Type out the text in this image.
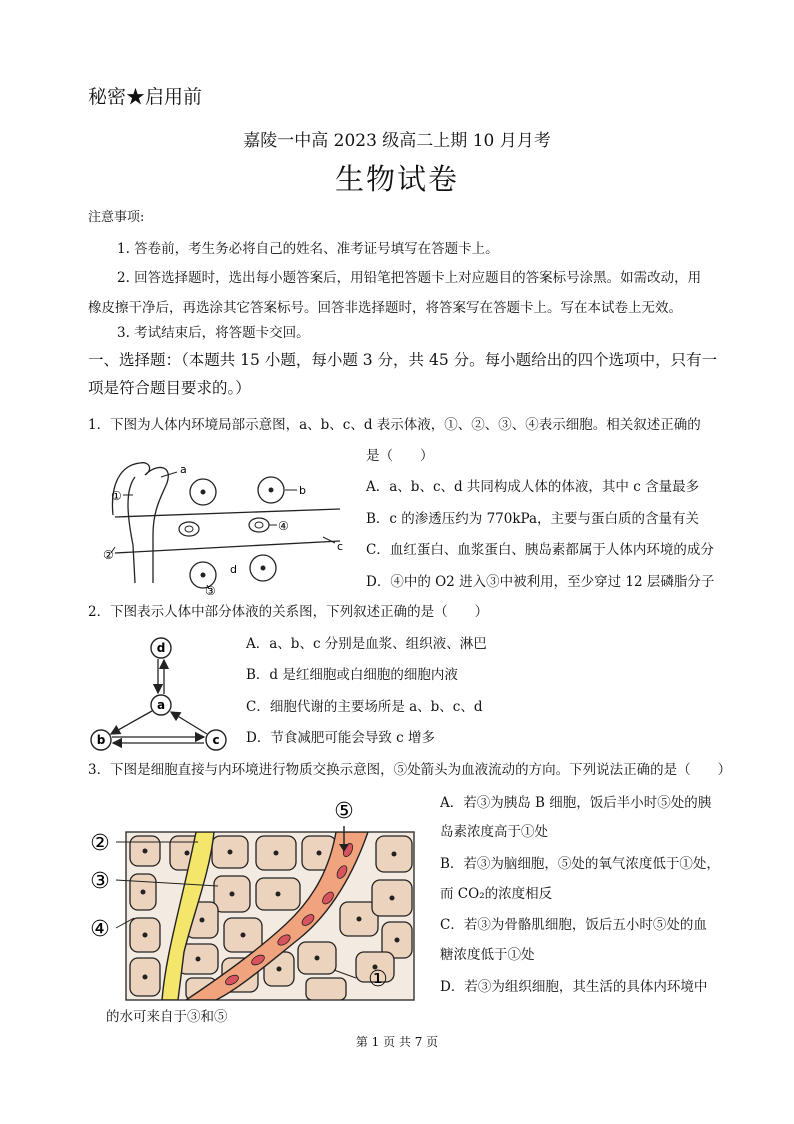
秘密★启用前
嘉陵一中高 2023 级高二上期 10 月月考
生物试卷
注意事项:
1. 答卷前，考生务必将自己的姓名、准考证号填写在答题卡上。
2. 回答选择题时，选出每小题答案后，用铅笔把答题卡上对应题目的答案标号涂黑。如需改动，用
橡皮擦干净后，再选涂其它答案标号。回答非选择题时，将答案写在答题卡上。写在本试卷上无效。
3. 考试结束后，将答题卡交回。
一、选择题：（本题共 15 小题，每小题 3 分，共 45 分。每小题给出的四个选项中，只有一
项是符合题目要求的。）
1．下图为人体内环境局部示意图，a、b、c、d 表示体液，①、②、③、④表示细胞。相关叙述正确的
是（　　）
A．a、b、c、d 共同构成人体的体液，其中 c 含量最多
B．c 的渗透压约为 770kPa，主要与蛋白质的含量有关
C．血红蛋白、血浆蛋白、胰岛素都属于人体内环境的成分
D．④中的 O2 进入③中被利用，至少穿过 12 层磷脂分子
a
b
①
④
c
②
d
③
2．下图表示人体中部分体液的关系图，下列叙述正确的是（　　）
A．a、b、c 分别是血浆、组织液、淋巴
B．d 是红细胞或白细胞的细胞内液
C．细胞代谢的主要场所是 a、b、c、d
D．节食减肥可能会导致 c 增多
d
a
b	c
3．下图是细胞直接与内环境进行物质交换示意图，⑤处箭头为血液流动的方向。下列说法正确的是（　　）
A．若③为胰岛 B 细胞，饭后半小时⑤处的胰
岛素浓度高于①处
B．若③为脑细胞，⑤处的氧气浓度低于①处，
而 CO₂的浓度相反
C．若③为骨骼肌细胞，饭后五小时⑤处的血
糖浓度低于①处
D．若③为组织细胞，其生活的具体内环境中
的水可来自于③和⑤
⑤
②
③
④
①
第 1 页 共 7 页
